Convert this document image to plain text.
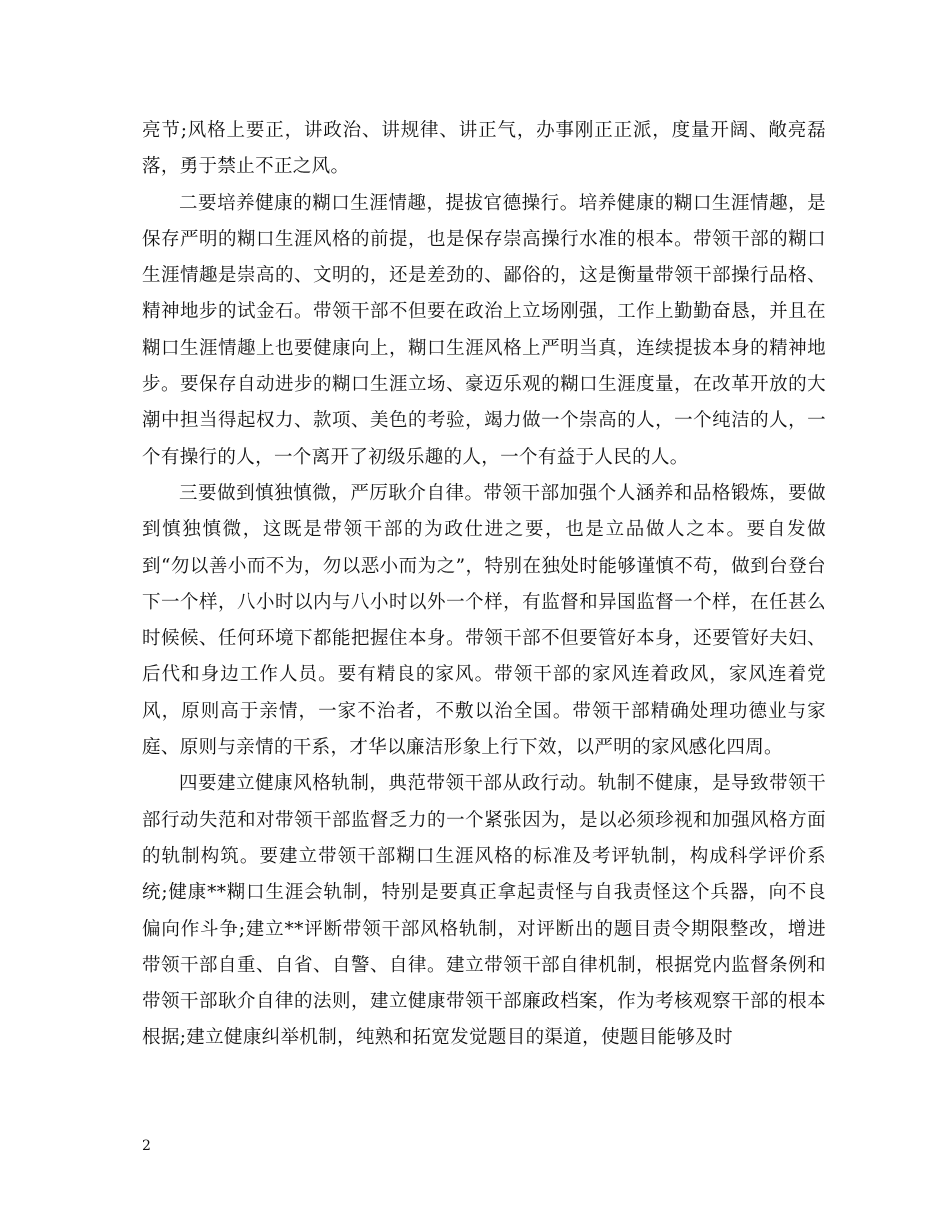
亮节;风格上要正，讲政治、讲规律、讲正气，办事刚正正派，度量开阔、敞亮磊落，勇于禁止不正之风。

二要培养健康的糊口生涯情趣，提拔官德操行。培养健康的糊口生涯情趣，是保存严明的糊口生涯风格的前提，也是保存崇高操行水准的根本。带领干部的糊口生涯情趣是崇高的、文明的，还是差劲的、鄙俗的，这是衡量带领干部操行品格、精神地步的试金石。带领干部不但要在政治上立场刚强，工作上勤勤奋恳，并且在糊口生涯情趣上也要健康向上，糊口生涯风格上严明当真，连续提拔本身的精神地步。要保存自动进步的糊口生涯立场、豪迈乐观的糊口生涯度量，在改革开放的大潮中担当得起权力、款项、美色的考验，竭力做一个崇高的人，一个纯洁的人，一个有操行的人，一个离开了初级乐趣的人，一个有益于人民的人。

三要做到慎独慎微，严厉耿介自律。带领干部加强个人涵养和品格锻炼，要做到慎独慎微，这既是带领干部的为政仕进之要，也是立品做人之本。要自发做到“勿以善小而不为，勿以恶小而为之”，特别在独处时能够谨慎不苟，做到台登台下一个样，八小时以内与八小时以外一个样，有监督和异国监督一个样，在任甚么时候候、任何环境下都能把握住本身。带领干部不但要管好本身，还要管好夫妇、后代和身边工作人员。要有精良的家风。带领干部的家风连着政风，家风连着党风，原则高于亲情，一家不治者，不敷以治全国。带领干部精确处理功德业与家庭、原则与亲情的干系，才华以廉洁形象上行下效，以严明的家风感化四周。

四要建立健康风格轨制，典范带领干部从政行动。轨制不健康，是导致带领干部行动失范和对带领干部监督乏力的一个紧张因为，是以必须珍视和加强风格方面的轨制构筑。要建立带领干部糊口生涯风格的标准及考评轨制，构成科学评价系统;健康**糊口生涯会轨制，特别是要真正拿起责怪与自我责怪这个兵器，向不良偏向作斗争;建立**评断带领干部风格轨制，对评断出的题目责令期限整改，增进带领干部自重、自省、自警、自律。建立带领干部自律机制，根据党内监督条例和带领干部耿介自律的法则，建立健康带领干部廉政档案，作为考核观察干部的根本根据;建立健康纠举机制，纯熟和拓宽发觉题目的渠道，使题目能够及时

2
